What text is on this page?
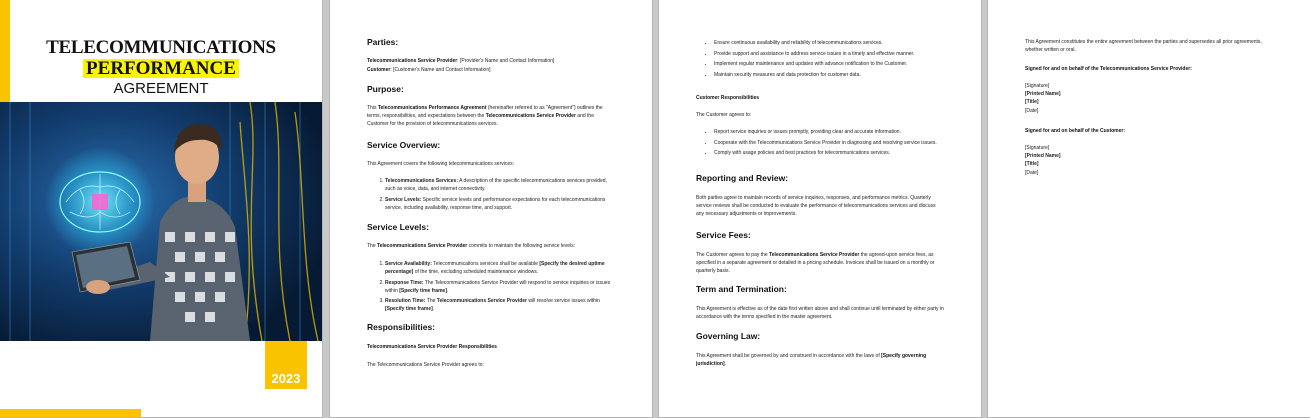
TELECOMMUNICATIONS
PERFORMANCE
AGREEMENT
2023
Parties:
Telecommunications Service Provider: [Provider's Name and Contact Information]
Customer: [Customer's Name and Contact Information]
Purpose:
This Telecommunications Performance Agreement (hereinafter referred to as "Agreement") outlines the terms, responsibilities, and expectations between the Telecommunications Service Provider and the Customer for the provision of telecommunications services.
Service Overview:
This Agreement covers the following telecommunications services:
1. Telecommunications Services: A description of the specific telecommunications services provided, such as voice, data, and internet connectivity.
2. Service Levels: Specific service levels and performance expectations for each telecommunications service, including availability, response time, and support.
Service Levels:
The Telecommunications Service Provider commits to maintain the following service levels:
1. Service Availability: Telecommunications services shall be available [Specify the desired uptime percentage] of the time, excluding scheduled maintenance windows.
2. Response Time: The Telecommunications Service Provider will respond to service inquiries or issues within [Specify time frame].
3. Resolution Time: The Telecommunications Service Provider will resolve service issues within [Specify time frame].
Responsibilities:
Telecommunications Service Provider Responsibilities
The Telecommunications Service Provider agrees to:
• Ensure continuous availability and reliability of telecommunications services.
• Provide support and assistance to address service issues in a timely and effective manner.
• Implement regular maintenance and updates with advance notification to the Customer.
• Maintain security measures and data protection for customer data.
Customer Responsibilities
The Customer agrees to:
• Report service inquiries or issues promptly, providing clear and accurate information.
• Cooperate with the Telecommunications Service Provider in diagnosing and resolving service issues.
• Comply with usage policies and best practices for telecommunications services.
Reporting and Review:
Both parties agree to maintain records of service inquiries, responses, and performance metrics. Quarterly service reviews shall be conducted to evaluate the performance of telecommunications services and discuss any necessary adjustments or improvements.
Service Fees:
The Customer agrees to pay the Telecommunications Service Provider the agreed-upon service fees, as specified in a separate agreement or detailed in a pricing schedule. Invoices shall be issued on a monthly or quarterly basis.
Term and Termination:
This Agreement is effective as of the date first written above and shall continue until terminated by either party in accordance with the terms specified in the master agreement.
Governing Law:
This Agreement shall be governed by and construed in accordance with the laws of [Specify governing jurisdiction].
This Agreement constitutes the entire agreement between the parties and supersedes all prior agreements, whether written or oral.
Signed for and on behalf of the Telecommunications Service Provider:
[Signature]
[Printed Name]
[Title]
[Date]
Signed for and on behalf of the Customer:
[Signature]
[Printed Name]
[Title]
[Date]
